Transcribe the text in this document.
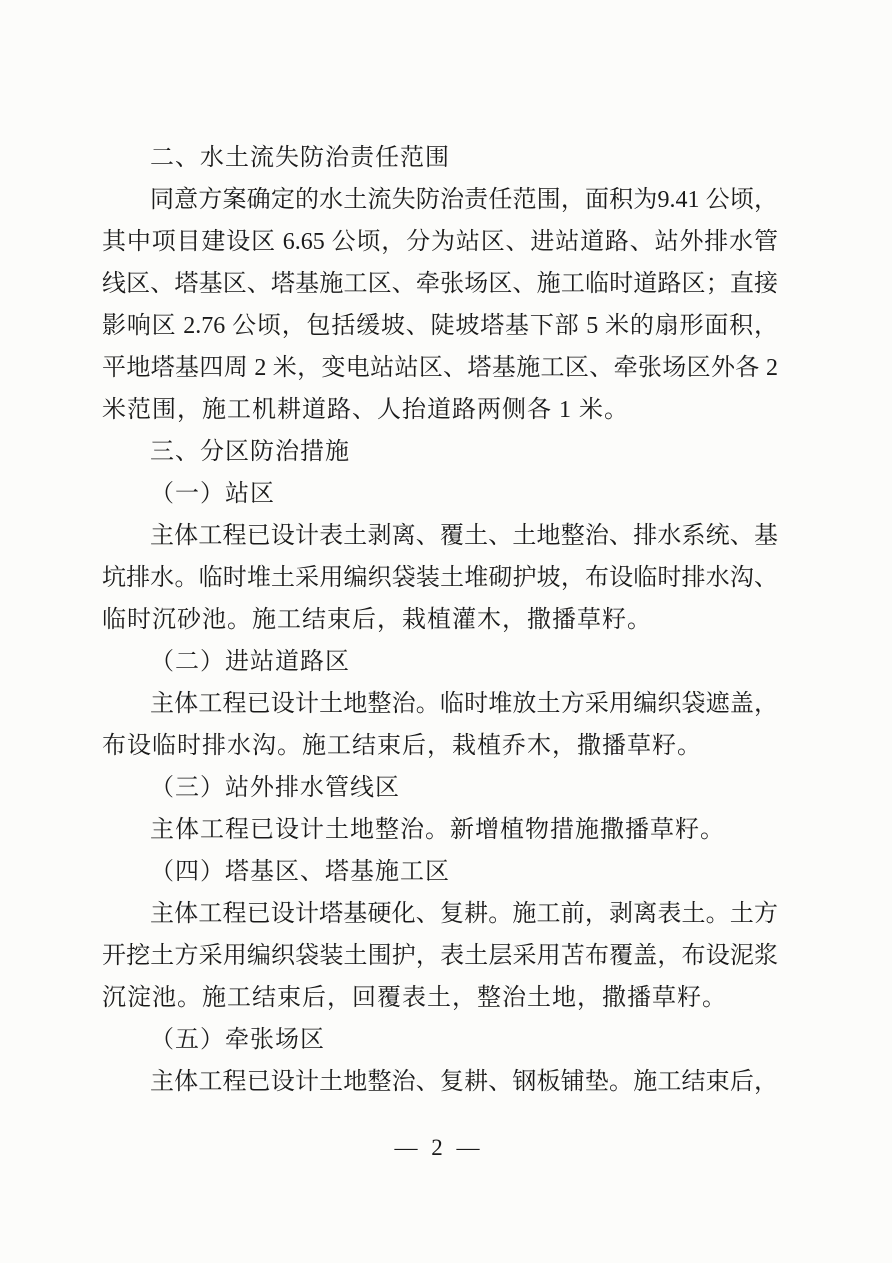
二、水土流失防治责任范围
同意方案确定的水土流失防治责任范围，面积为9.41 公顷，
其中项目建设区 6.65 公顷，分为站区、进站道路、站外排水管
线区、塔基区、塔基施工区、牵张场区、施工临时道路区；直接
影响区 2.76 公顷，包括缓坡、陡坡塔基下部 5 米的扇形面积，
平地塔基四周 2 米，变电站站区、塔基施工区、牵张场区外各 2
米范围，施工机耕道路、人抬道路两侧各 1 米。
三、分区防治措施
（一）站区
主体工程已设计表土剥离、覆土、土地整治、排水系统、基
坑排水。临时堆土采用编织袋装土堆砌护坡，布设临时排水沟、
临时沉砂池。施工结束后，栽植灌木，撒播草籽。
（二）进站道路区
主体工程已设计土地整治。临时堆放土方采用编织袋遮盖，
布设临时排水沟。施工结束后，栽植乔木，撒播草籽。
（三）站外排水管线区
主体工程已设计土地整治。新增植物措施撒播草籽。
（四）塔基区、塔基施工区
主体工程已设计塔基硬化、复耕。施工前，剥离表土。土方
开挖土方采用编织袋装土围护，表土层采用苫布覆盖，布设泥浆
沉淀池。施工结束后，回覆表土，整治土地，撒播草籽。
（五）牵张场区
主体工程已设计土地整治、复耕、钢板铺垫。施工结束后，
— 2 —
